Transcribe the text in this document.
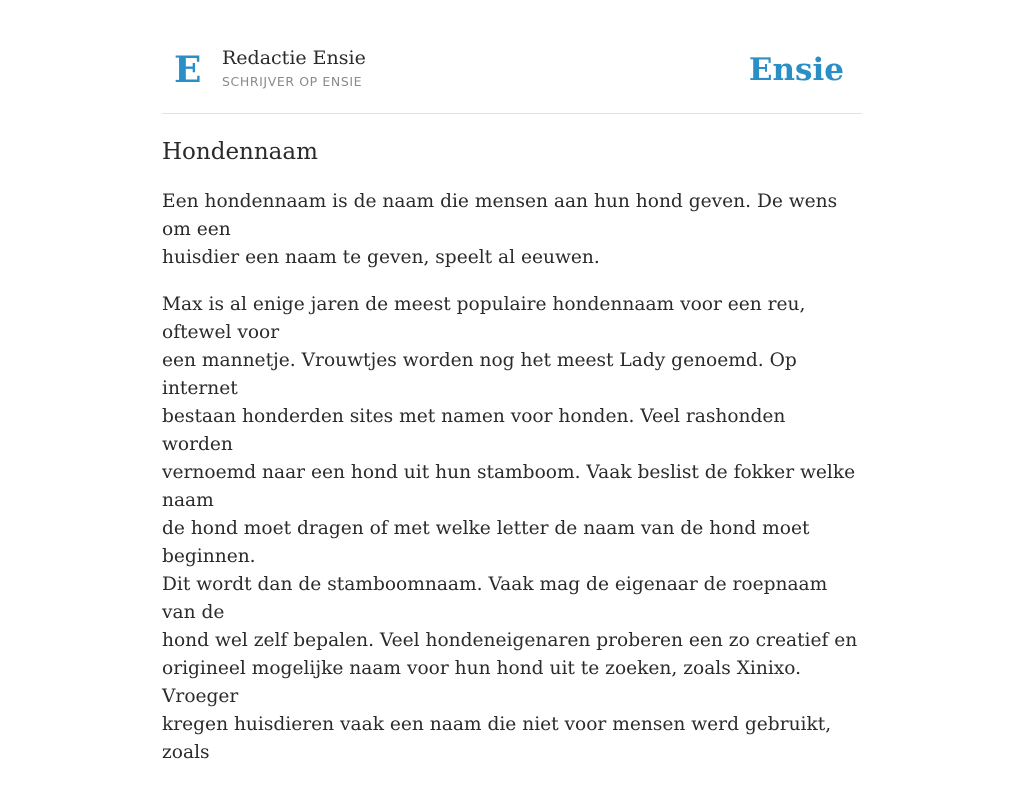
E Redactie Ensie
SCHRIJVER OP ENSIE	Ensie
Hondennaam

Een hondennaam is de naam die mensen aan hun hond geven. De wens om een
huisdier een naam te geven, speelt al eeuwen.

Max is al enige jaren de meest populaire hondennaam voor een reu, oftewel voor
een mannetje. Vrouwtjes worden nog het meest Lady genoemd. Op internet
bestaan honderden sites met namen voor honden. Veel rashonden worden
vernoemd naar een hond uit hun stamboom. Vaak beslist de fokker welke naam
de hond moet dragen of met welke letter de naam van de hond moet beginnen.
Dit wordt dan de stamboomnaam. Vaak mag de eigenaar de roepnaam van de
hond wel zelf bepalen. Veel hondeneigenaren proberen een zo creatief en
origineel mogelijke naam voor hun hond uit te zoeken, zoals Xinixo. Vroeger
kregen huisdieren vaak een naam die niet voor mensen werd gebruikt, zoals
